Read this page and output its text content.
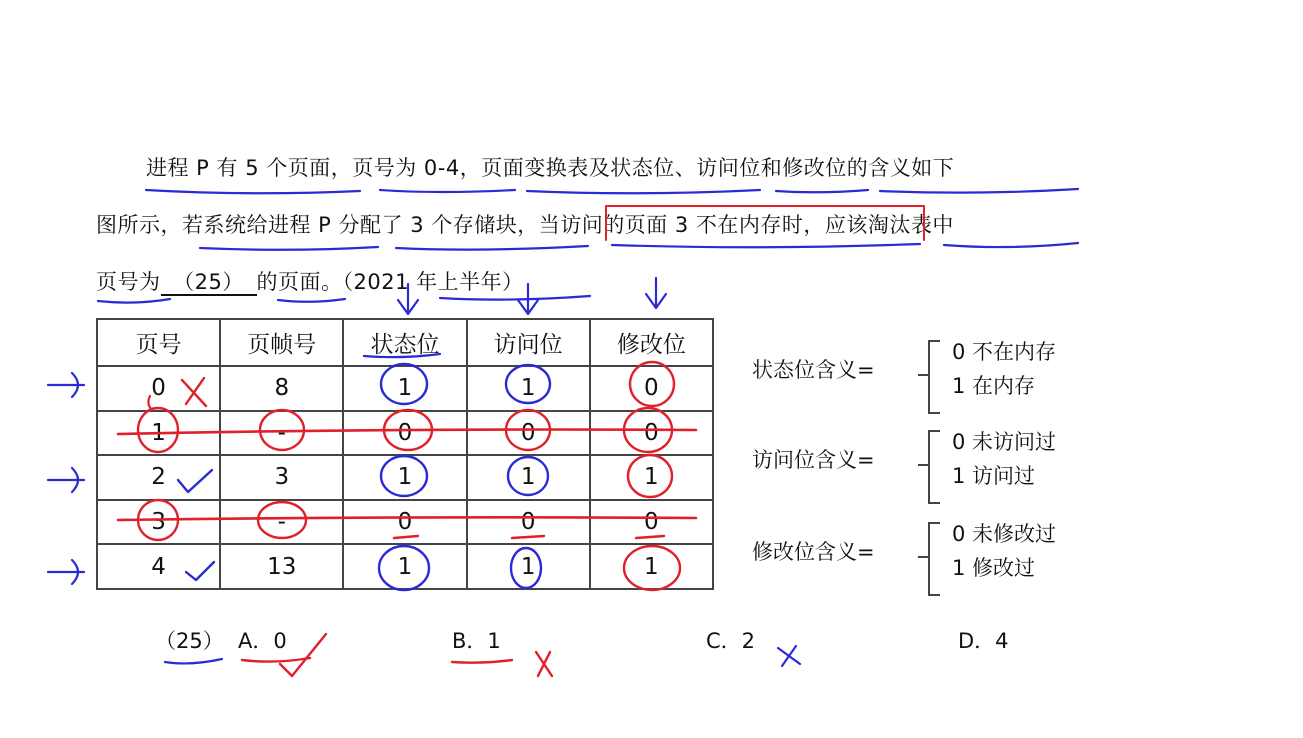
进程 P 有 5 个页面，页号为 0-4，页面变换表及状态位、访问位和修改位的含义如下
图所示，若系统给进程 P 分配了 3 个存储块，当访问的页面 3 不在内存时，应该淘汰表中
页号为 （25） 的页面。（2021 年上半年）
页号	页帧号	状态位	访问位	修改位
0	8	1	1	0
1	-	0	0	0
2	3	1	1	1
3	-	0	0	0
4	13	1	1	1
状态位含义=
0 不在内存
1 在内存
访问位含义=
0 未访问过
1 访问过
修改位含义=
0 未修改过
1 修改过
（25） A．0	B．1	C．2	D．4
